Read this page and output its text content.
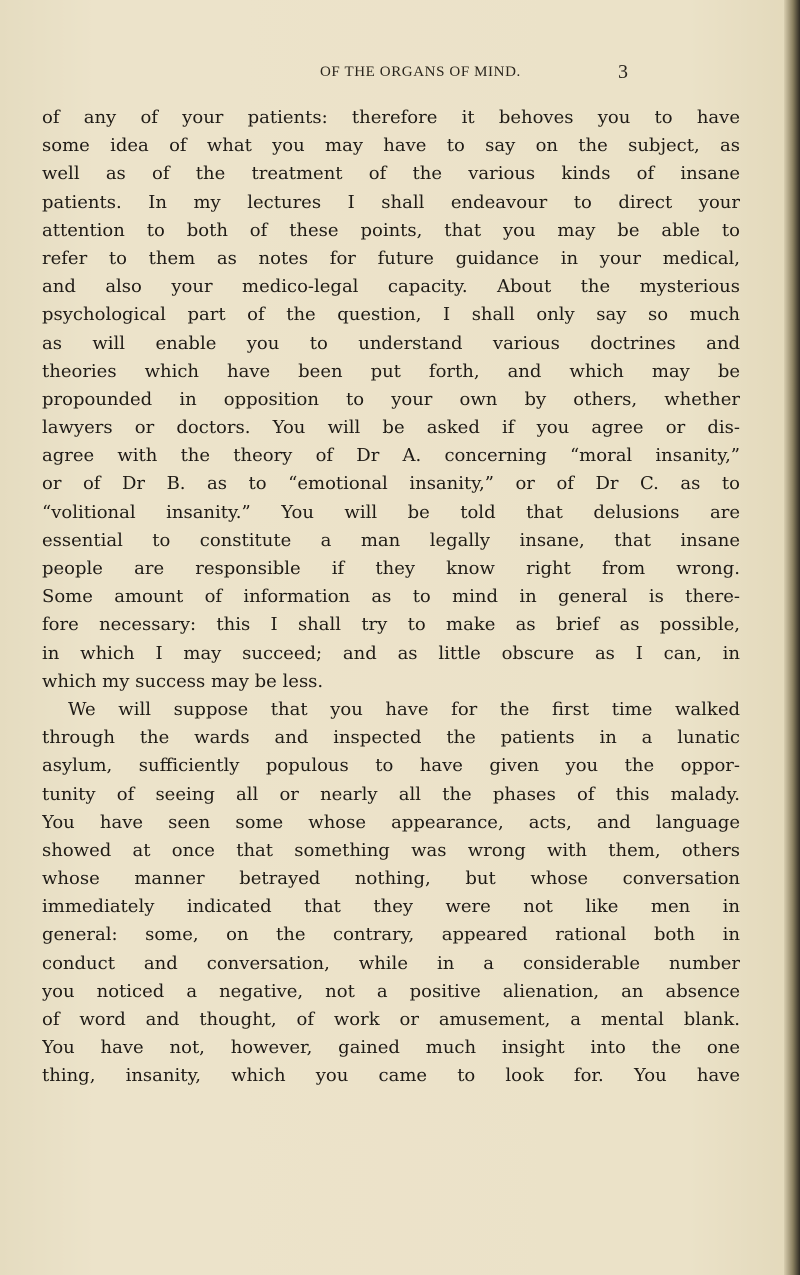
OF THE ORGANS OF MIND.	3
of any of your patients: therefore it behoves you to have
some idea of what you may have to say on the subject, as
well as of the treatment of the various kinds of insane
patients. In my lectures I shall endeavour to direct your
attention to both of these points, that you may be able to
refer to them as notes for future guidance in your medical,
and also your medico-legal capacity. About the mysterious
psychological part of the question, I shall only say so much
as will enable you to understand various doctrines and
theories which have been put forth, and which may be
propounded in opposition to your own by others, whether
lawyers or doctors. You will be asked if you agree or dis-
agree with the theory of Dr A. concerning “moral insanity,”
or of Dr B. as to “emotional insanity,” or of Dr C. as to
“volitional insanity.” You will be told that delusions are
essential to constitute a man legally insane, that insane
people are responsible if they know right from wrong.
Some amount of information as to mind in general is there-
fore necessary: this I shall try to make as brief as possible,
in which I may succeed; and as little obscure as I can, in
which my success may be less.
We will suppose that you have for the first time walked
through the wards and inspected the patients in a lunatic
asylum, sufficiently populous to have given you the oppor-
tunity of seeing all or nearly all the phases of this malady.
You have seen some whose appearance, acts, and language
showed at once that something was wrong with them, others
whose manner betrayed nothing, but whose conversation
immediately indicated that they were not like men in
general: some, on the contrary, appeared rational both in
conduct and conversation, while in a considerable number
you noticed a negative, not a positive alienation, an absence
of word and thought, of work or amusement, a mental blank.
You have not, however, gained much insight into the one
thing, insanity, which you came to look for. You have
